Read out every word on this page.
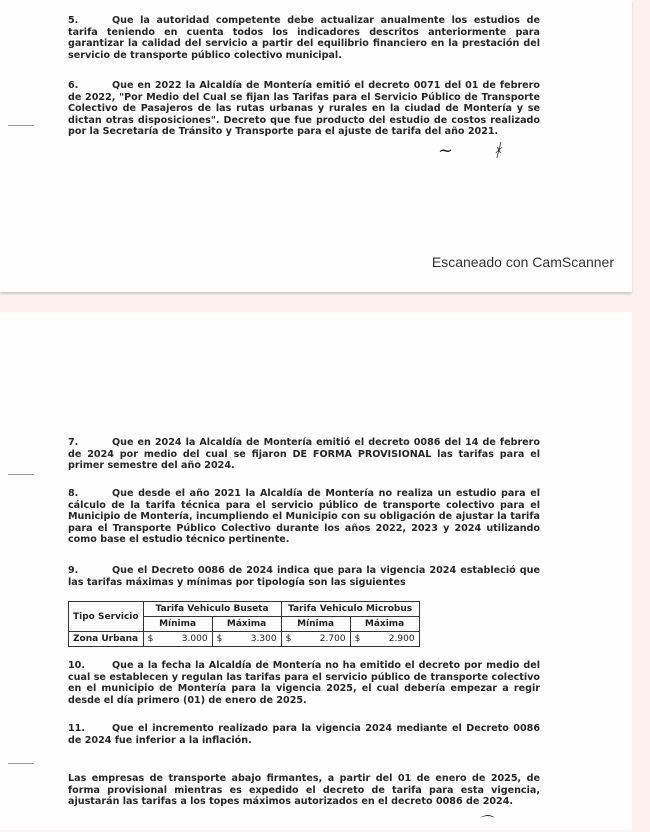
5.	Que la autoridad competente debe actualizar anualmente los estudios de tarifa teniendo en cuenta todos los indicadores descritos anteriormente para garantizar la calidad del servicio a partir del equilibrio financiero en la prestación del servicio de transporte público colectivo municipal.
6.	Que en 2022 la Alcaldía de Montería emitió el decreto 0071 del 01 de febrero de 2022, "Por Medio del Cual se fijan las Tarifas para el Servicio Público de Transporte Colectivo de Pasajeros de las rutas urbanas y rurales en la ciudad de Montería y se dictan otras disposiciones". Decreto que fue producto del estudio de costos realizado por la Secretaría de Tránsito y Transporte para el ajuste de tarifa del año 2021.
~ ᚼ
Escaneado con CamScanner
7.	Que en 2024 la Alcaldía de Montería emitió el decreto 0086 del 14 de febrero de 2024 por medio del cual se fijaron DE FORMA PROVISIONAL las tarifas para el primer semestre del año 2024.
8.	Que desde el año 2021 la Alcaldía de Montería no realiza un estudio para el cálculo de la tarifa técnica para el servicio público de transporte colectivo para el Municipio de Montería, incumpliendo el Municipio con su obligación de ajustar la tarifa para el Transporte Público Colectivo durante los años 2022, 2023 y 2024 utilizando como base el estudio técnico pertinente.
9.	Que el Decreto 0086 de 2024 indica que para la vigencia 2024 estableció que las tarifas máximas y mínimas por tipología son las siguientes
Tipo Servicio	Tarifa Vehiculo Buseta		Tarifa Vehiculo Microbus	
	Mínima	Máxima	Mínima	Máxima
Zona Urbana	$ 3.000	$ 3.300	$ 2.700	$ 2.900
10.	Que a la fecha la Alcaldía de Montería no ha emitido el decreto por medio del cual se establecen y regulan las tarifas para el servicio público de transporte colectivo en el municipio de Montería para la vigencia 2025, el cual debería empezar a regir desde el día primero (01) de enero de 2025.
11.	Que el incremento realizado para la vigencia 2024 mediante el Decreto 0086 de 2024 fue inferior a la inflación.
Las empresas de transporte abajo firmantes, a partir del 01 de enero de 2025, de forma provisional mientras es expedido el decreto de tarifa para esta vigencia, ajustarán las tarifas a los topes máximos autorizados en el decreto 0086 de 2024.
⌒
